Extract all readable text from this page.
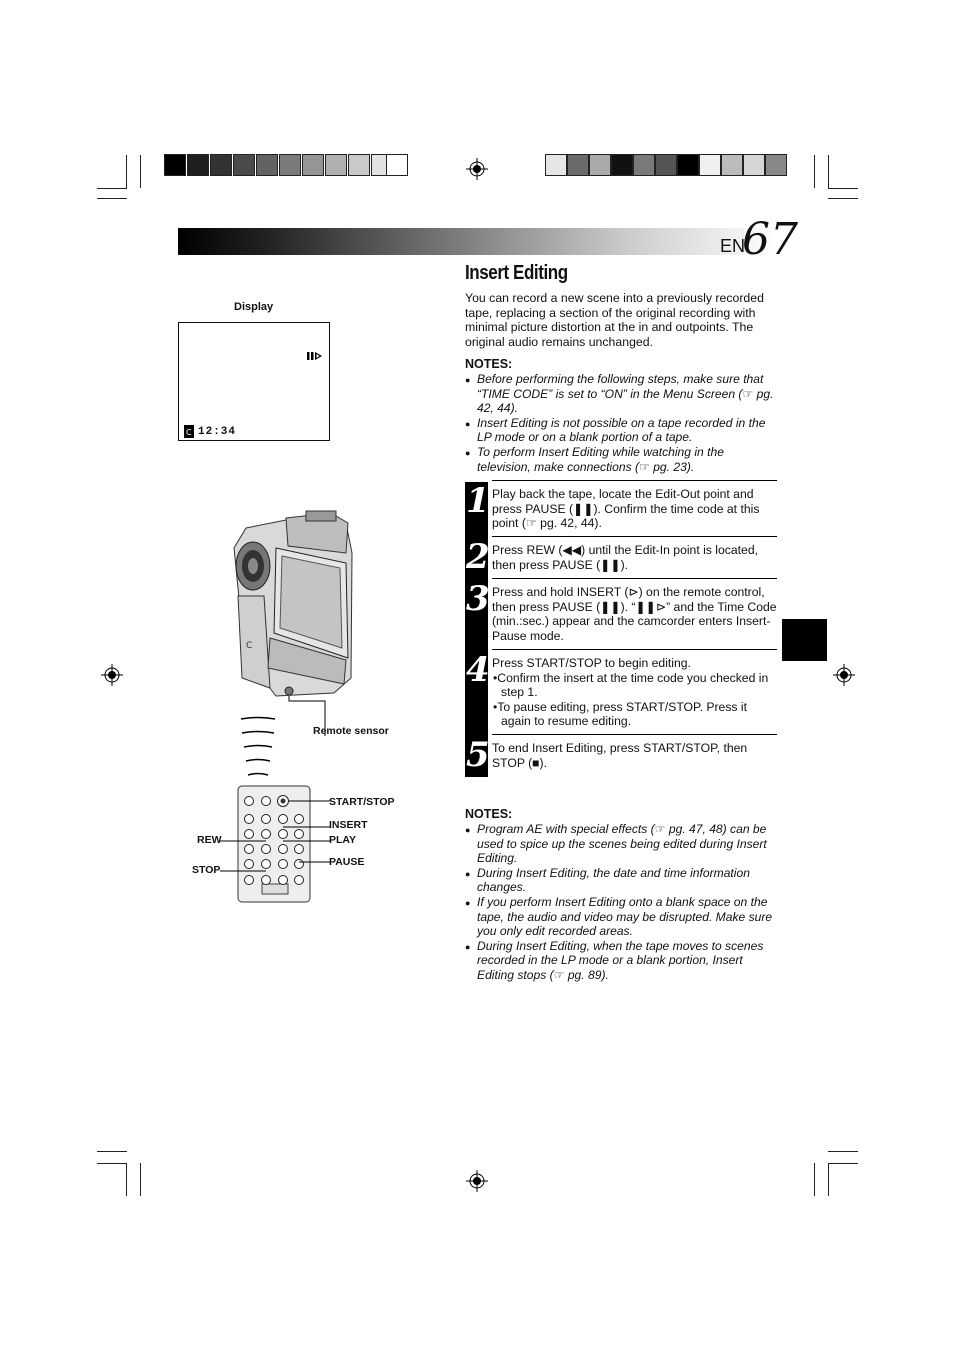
EN
67
Insert Editing
You can record a new scene into a previously recorded tape, replacing a section of the original recording with minimal picture distortion at the in and outpoints. The original audio remains unchanged.
NOTES:
● Before performing the following steps, make sure that “TIME CODE” is set to “ON” in the Menu Screen (☞ pg. 42, 44).
● Insert Editing is not possible on a tape recorded in the LP mode or on a blank portion of a tape.
● To perform Insert Editing while watching in the television, make connections (☞ pg. 23).
1 Play back the tape, locate the Edit-Out point and press PAUSE (❚❚). Confirm the time code at this point (☞ pg. 42, 44).
2 Press REW (◀◀) until the Edit-In point is located, then press PAUSE (❚❚).
3 Press and hold INSERT (⊳) on the remote control, then press PAUSE (❚❚). “❚❚⊳” and the Time Code (min.:sec.) appear and the camcorder enters Insert-Pause mode.
4 Press START/STOP to begin editing.
•Confirm the insert at the time code you checked in step 1.
•To pause editing, press START/STOP. Press it again to resume editing.
5 To end Insert Editing, press START/STOP, then STOP (■).
NOTES:
● Program AE with special effects (☞ pg. 47, 48) can be used to spice up the scenes being edited during Insert Editing.
● During Insert Editing, the date and time information changes.
● If you perform Insert Editing onto a blank space on the tape, the audio and video may be disrupted. Make sure you only edit recorded areas.
● During Insert Editing, when the tape moves to scenes recorded in the LP mode or a blank portion, Insert Editing stops (☞ pg. 89).
Display
C 12:34
C
Remote sensor
START/STOP
INSERT
PLAY
PAUSE
REW
STOP
